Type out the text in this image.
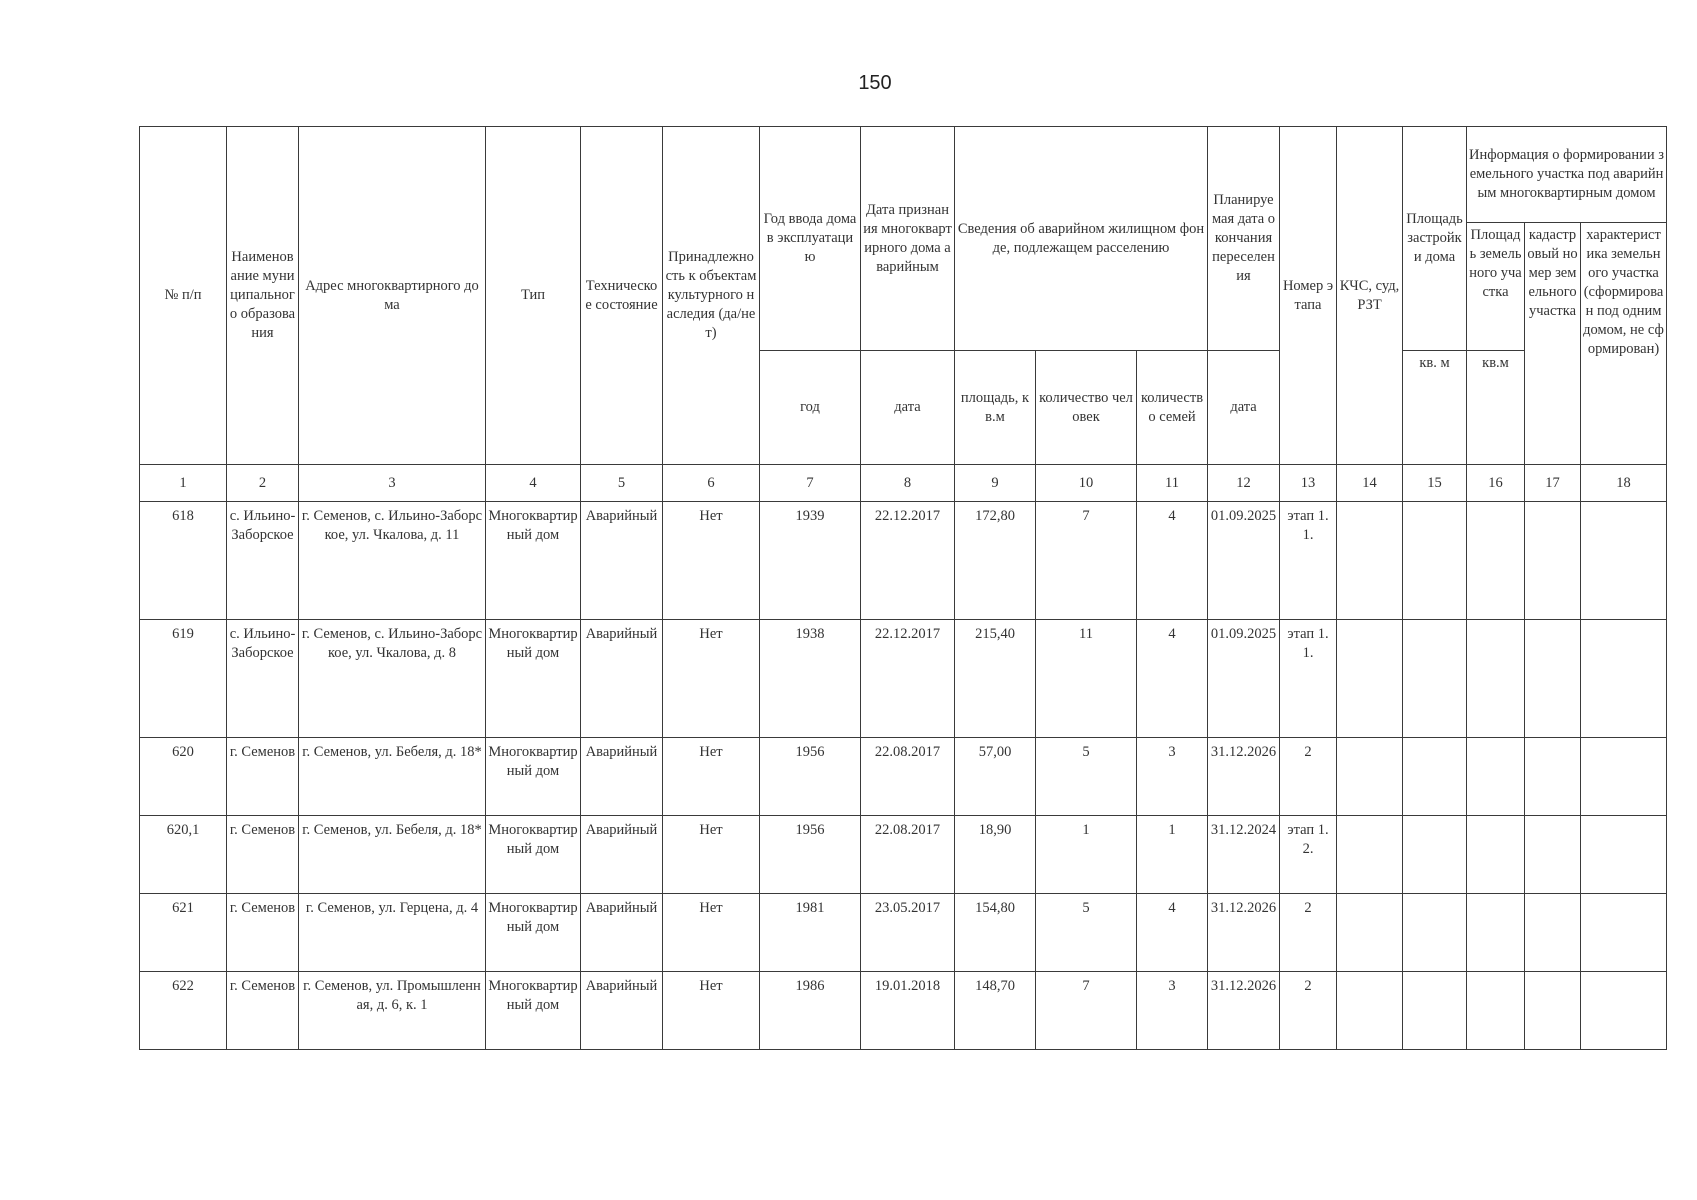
150
№ п/п	Наименование муниципального образования	Адрес многоквартирного дома	Тип	Техническое состояние	Принадлежность к объектам культурного наследия (да/нет)	Год ввода дома в эксплуатацию	Дата признания многоквартирного дома аварийным	Сведения об аварийном жилищном фонде, подлежащем расселению			Планируемая дата окончания переселения	Номер этапа	КЧС, суд, РЗТ	Площадь застройки дома	Информация о формировании земельного участка под аварийным многоквартирным домом		
															Площадь земельного участка	кадастровый номер земельного участка	характеристика земельного участка (сформирован под одним домом, не сформирован)
						год	дата	площадь, кв.м	количество человек	количество семей	дата			кв. м	кв.м		
1	2	3	4	5	6	7	8	9	10	11	12	13	14	15	16	17	18
618	с. Ильино-Заборское	г. Семенов, с. Ильино-Заборское, ул. Чкалова, д. 11	Многоквартирный дом	Аварийный	Нет	1939	22.12.2017	172,80	7	4	01.09.2025	этап 1.1.					
619	с. Ильино-Заборское	г. Семенов, с. Ильино-Заборское, ул. Чкалова, д. 8	Многоквартирный дом	Аварийный	Нет	1938	22.12.2017	215,40	11	4	01.09.2025	этап 1.1.					
620	г. Семенов	г. Семенов, ул. Бебеля, д. 18*	Многоквартирный дом	Аварийный	Нет	1956	22.08.2017	57,00	5	3	31.12.2026	2					
620,1	г. Семенов	г. Семенов, ул. Бебеля, д. 18*	Многоквартирный дом	Аварийный	Нет	1956	22.08.2017	18,90	1	1	31.12.2024	этап 1.2.					
621	г. Семенов	г. Семенов, ул. Герцена, д. 4	Многоквартирный дом	Аварийный	Нет	1981	23.05.2017	154,80	5	4	31.12.2026	2					
622	г. Семенов	г. Семенов, ул. Промышленная, д. 6, к. 1	Многоквартирный дом	Аварийный	Нет	1986	19.01.2018	148,70	7	3	31.12.2026	2					
